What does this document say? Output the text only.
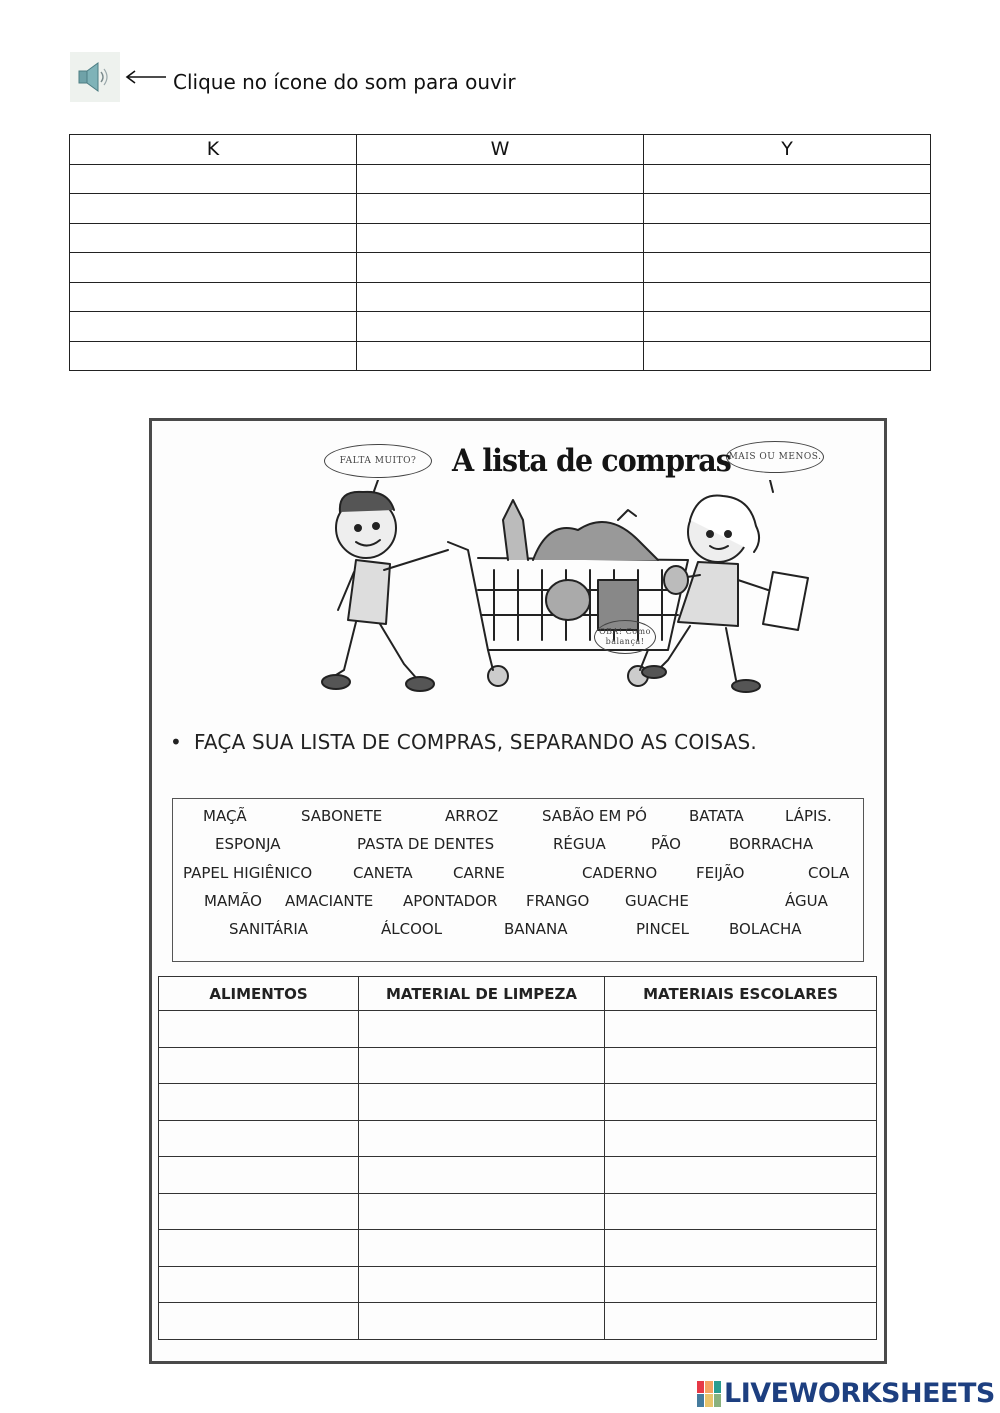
Clique no ícone do som para ouvir
K	W	Y

FALTA MUITO?	MAIS OU MENOS.
A lista de compras
OBA! Como balança!
• FAÇA SUA LISTA DE COMPRAS, SEPARANDO AS COISAS.
MAÇÃ	SABONETE	ARROZ	SABÃO EM PÓ	BATATA	LÁPIS.
ESPONJA	PASTA DE DENTES	RÉGUA	PÃO	BORRACHA
PAPEL HIGIÊNICO	CANETA	CARNE	CADERNO	FEIJÃO	COLA
MAMÃO AMACIANTE APONTADOR FRANGO GUACHE	ÁGUA
SANITÁRIA	ÁLCOOL	BANANA	PINCEL	BOLACHA
ALIMENTOS	MATERIAL DE LIMPEZA	MATERIAIS ESCOLARES

LIVEWORKSHEETS
